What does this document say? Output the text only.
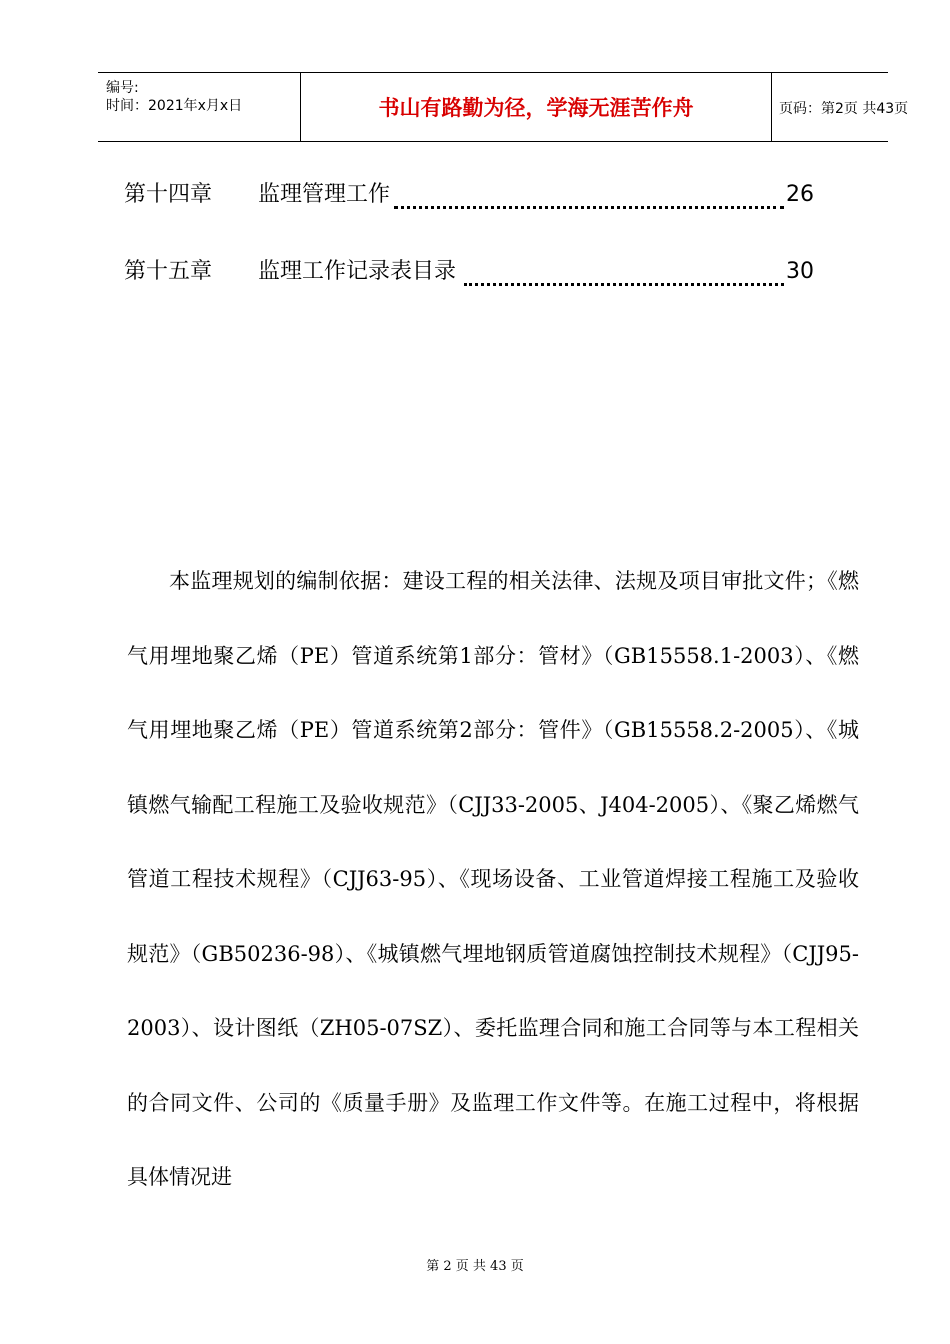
编号:
时间：2021年x月x日	书山有路勤为径，学海无涯苦作舟	页码：第2页 共43页
第十四章 监理管理工作	26
第十五章 监理工作记录表目录	30

本监理规划的编制依据：建设工程的相关法律、法规及项目审批文件；《燃气用埋地聚乙烯（PE）管道系统第1部分：管材》（GB15558.1-2003）、《燃气用埋地聚乙烯（PE）管道系统第2部分：管件》（GB15558.2-2005）、《城镇燃气输配工程施工及验收规范》（CJJ33-2005、J404-2005）、《聚乙烯燃气管道工程技术规程》（CJJ63-95）、《现场设备、工业管道焊接工程施工及验收规范》（GB50236-98）、《城镇燃气埋地钢质管道腐蚀控制技术规程》（CJJ95-2003）、设计图纸（ZH05-07SZ）、委托监理合同和施工合同等与本工程相关的合同文件、公司的《质量手册》及监理工作文件等。在施工过程中，将根据具体情况进

第 2 页 共 43 页
